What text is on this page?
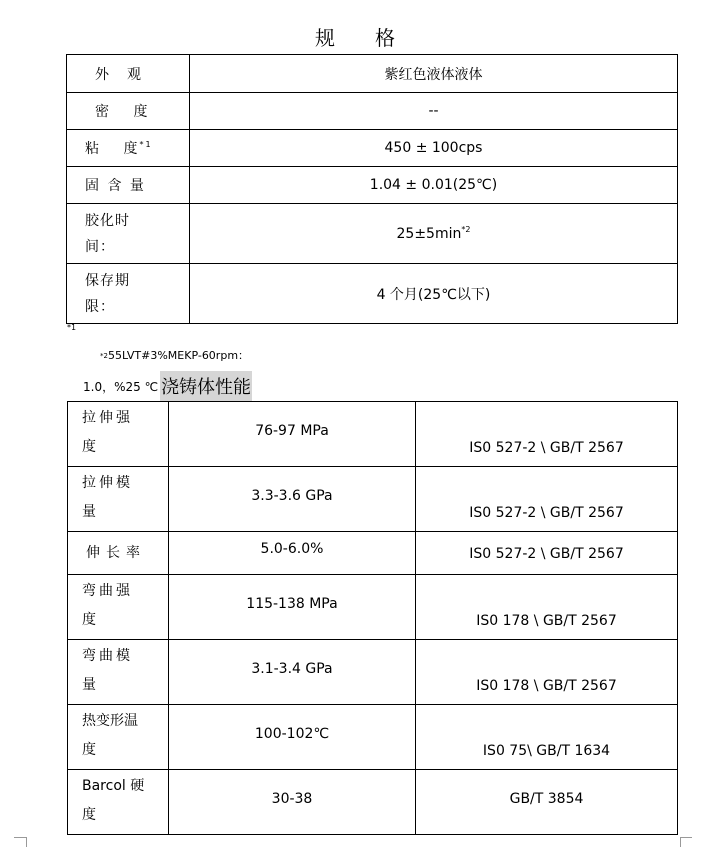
规　格
外　观	紫红色液体液体
密　 度	--
粘　 度$^{*1}$	450 ± 100cps
固 含 量	1.04 ± 0.01(25℃)

胶化时
间：	$25\pm 5\min^{*2}$

保存期
限：	4 个月(25℃以下)
*1
$^{*2}$55LVT#3%MEKP-60rpm：
1.0，%25 ℃ 浇铸体性能
拉伸强
度	76-97 MPa	IS0 527-2 \ GB/T 2567

拉伸模
量	3.3-3.6 GPa	IS0 527-2 \ GB/T 2567

伸长率	5.0-6.0%	IS0 527-2 \ GB/T 2567

弯曲强
度	115-138 MPa	IS0 178 \ GB/T 2567

弯曲模
量	3.1-3.4 GPa	IS0 178 \ GB/T 2567

热变形温
度	100-102℃	IS0 75\ GB/T 1634

Barcol 硬
度	30-38	GB/T 3854
